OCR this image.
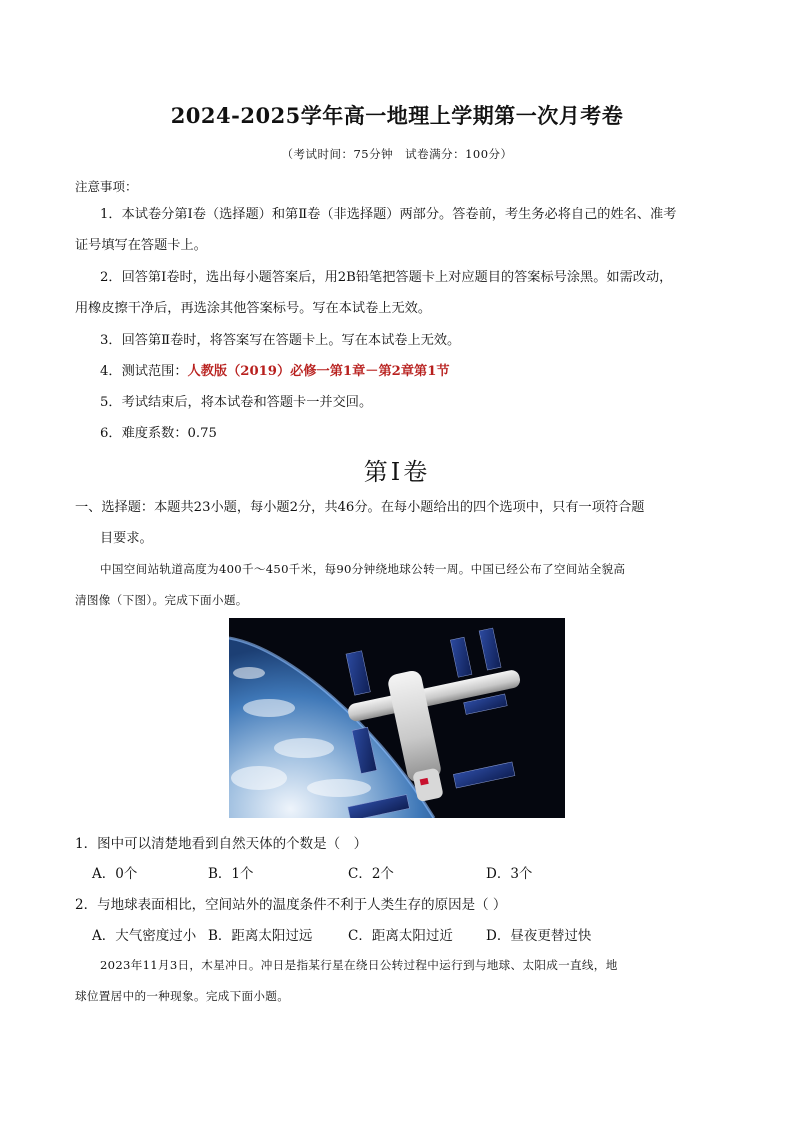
2024-2025学年高一地理上学期第一次月考卷
（考试时间：75分钟　试卷满分：100分）
注意事项：
1．本试卷分第Ⅰ卷（选择题）和第Ⅱ卷（非选择题）两部分。答卷前，考生务必将自己的姓名、准考
证号填写在答题卡上。
2．回答第Ⅰ卷时，选出每小题答案后，用2B铅笔把答题卡上对应题目的答案标号涂黑。如需改动，
用橡皮擦干净后，再选涂其他答案标号。写在本试卷上无效。
3．回答第Ⅱ卷时，将答案写在答题卡上。写在本试卷上无效。
4．测试范围：人教版（2019）必修一第1章－第2章第1节
5．考试结束后，将本试卷和答题卡一并交回。
6．难度系数：0.75
第Ⅰ卷
一、选择题：本题共23小题，每小题2分，共46分。在每小题给出的四个选项中，只有一项符合题
目要求。
中国空间站轨道高度为400千～450千米，每90分钟绕地球公转一周。中国已经公布了空间站全貌高
清图像（下图）。完成下面小题。
1．图中可以清楚地看到自然天体的个数是（　）
A．0个	B．1个	C．2个	D．3个
2．与地球表面相比，空间站外的温度条件不利于人类生存的原因是（ ）
A．大气密度过小 B．距离太阳过远	C．距离太阳过近 D．昼夜更替过快
2023年11月3日，木星冲日。冲日是指某行星在绕日公转过程中运行到与地球、太阳成一直线，地
球位置居中的一种现象。完成下面小题。
